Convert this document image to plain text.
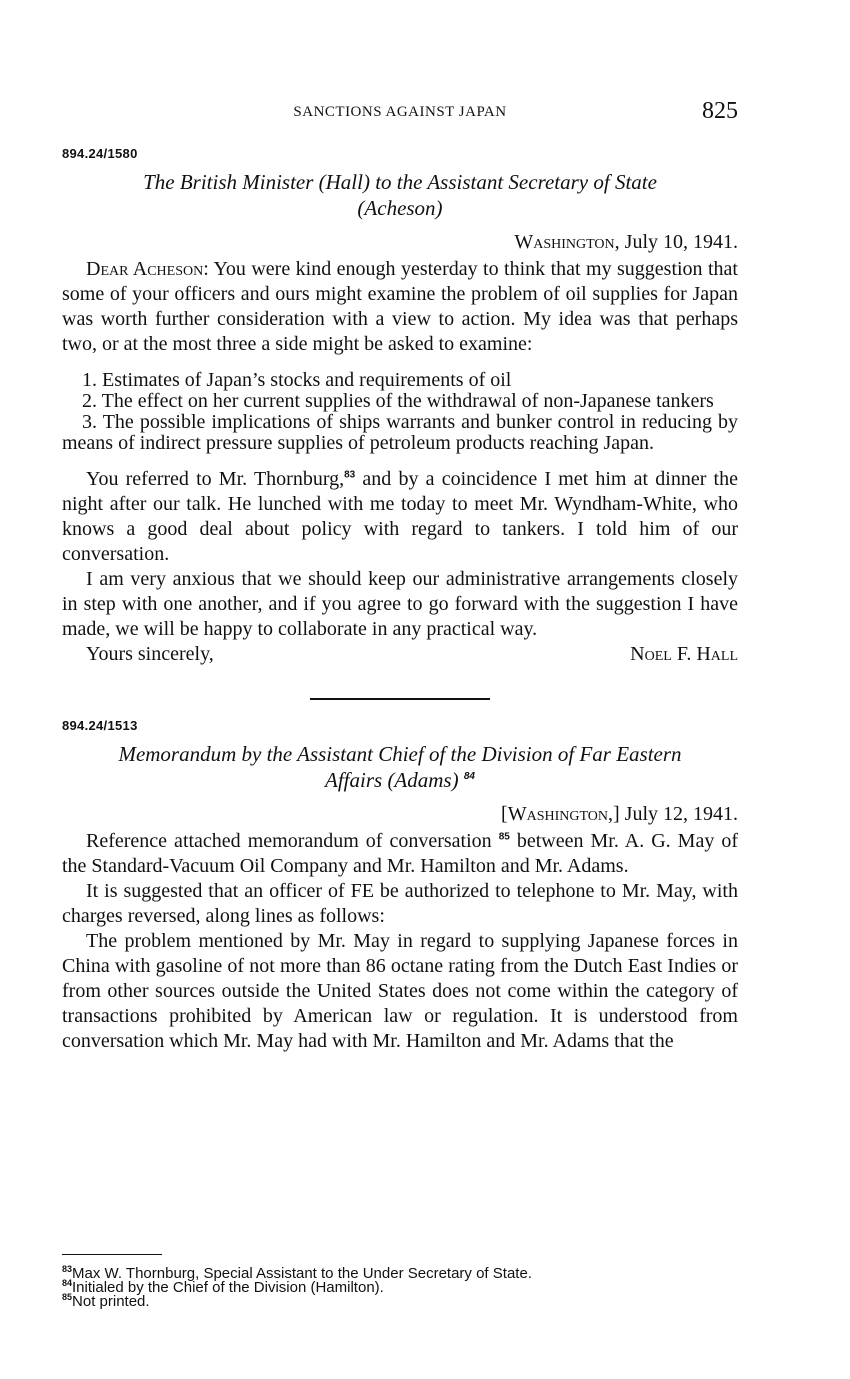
SANCTIONS AGAINST JAPAN	825
894.24/1580
The British Minister (Hall) to the Assistant Secretary of State
(Acheson)
Washington, July 10, 1941.

Dear Acheson: You were kind enough yesterday to think that my suggestion that some of your officers and ours might examine the problem of oil supplies for Japan was worth further consideration with a view to action. My idea was that perhaps two, or at the most three a side might be asked to examine:

1. Estimates of Japan’s stocks and requirements of oil
2. The effect on her current supplies of the withdrawal of non-Japanese tankers
3. The possible implications of ships warrants and bunker control in reducing by means of indirect pressure supplies of petroleum products reaching Japan.

You referred to Mr. Thornburg,$^{83}$ and by a coincidence I met him at dinner the night after our talk. He lunched with me today to meet Mr. Wyndham-White, who knows a good deal about policy with regard to tankers. I told him of our conversation.

I am very anxious that we should keep our administrative arrangements closely in step with one another, and if you agree to go forward with the suggestion I have made, we will be happy to collaborate in any practical way.

Yours sincerely,	Noel F. Hall
894.24/1513
Memorandum by the Assistant Chief of the Division of Far Eastern
Affairs (Adams) $^{84}$
[Washington,] July 12, 1941.

Reference attached memorandum of conversation $^{85}$ between Mr. A. G. May of the Standard-Vacuum Oil Company and Mr. Hamilton and Mr. Adams.

It is suggested that an officer of FE be authorized to telephone to Mr. May, with charges reversed, along lines as follows:

The problem mentioned by Mr. May in regard to supplying Japanese forces in China with gasoline of not more than 86 octane rating from the Dutch East Indies or from other sources outside the United States does not come within the category of transactions prohibited by American law or regulation. It is understood from conversation which Mr. May had with Mr. Hamilton and Mr. Adams that the

$^{83}$Max W. Thornburg, Special Assistant to the Under Secretary of State.
$^{84}$Initialed by the Chief of the Division (Hamilton).
$^{85}$Not printed.
